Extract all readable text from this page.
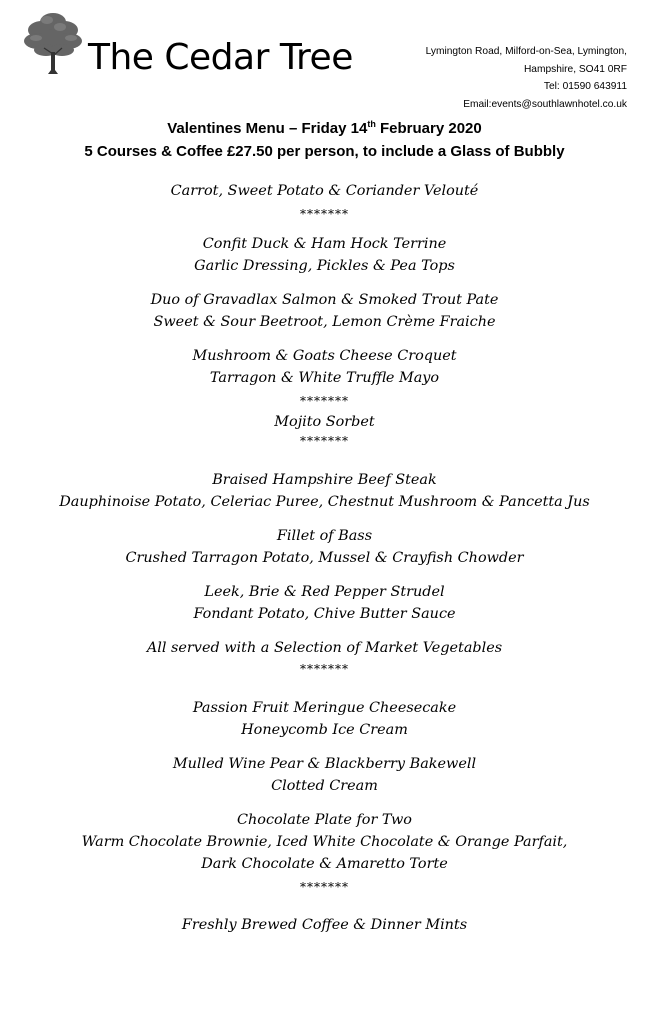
The Cedar Tree	Lymington Road, Milford-on-Sea, Lymington,
Hampshire, SO41 0RF
Tel: 01590 643911
Email:events@southlawnhotel.co.uk
Valentines Menu – Friday 14th February 2020
5 Courses & Coffee £27.50 per person, to include a Glass of Bubbly
Carrot, Sweet Potato & Coriander Velouté
*******
Confit Duck & Ham Hock Terrine
Garlic Dressing, Pickles & Pea Tops
Duo of Gravadlax Salmon & Smoked Trout Pate
Sweet & Sour Beetroot, Lemon Crème Fraiche
Mushroom & Goats Cheese Croquet
Tarragon & White Truffle Mayo
*******
Mojito Sorbet
*******
Braised Hampshire Beef Steak
Dauphinoise Potato, Celeriac Puree, Chestnut Mushroom & Pancetta Jus
Fillet of Bass
Crushed Tarragon Potato, Mussel & Crayfish Chowder
Leek, Brie & Red Pepper Strudel
Fondant Potato, Chive Butter Sauce
All served with a Selection of Market Vegetables
*******
Passion Fruit Meringue Cheesecake
Honeycomb Ice Cream
Mulled Wine Pear & Blackberry Bakewell
Clotted Cream
Chocolate Plate for Two
Warm Chocolate Brownie, Iced White Chocolate & Orange Parfait,
Dark Chocolate & Amaretto Torte
*******
Freshly Brewed Coffee & Dinner Mints
